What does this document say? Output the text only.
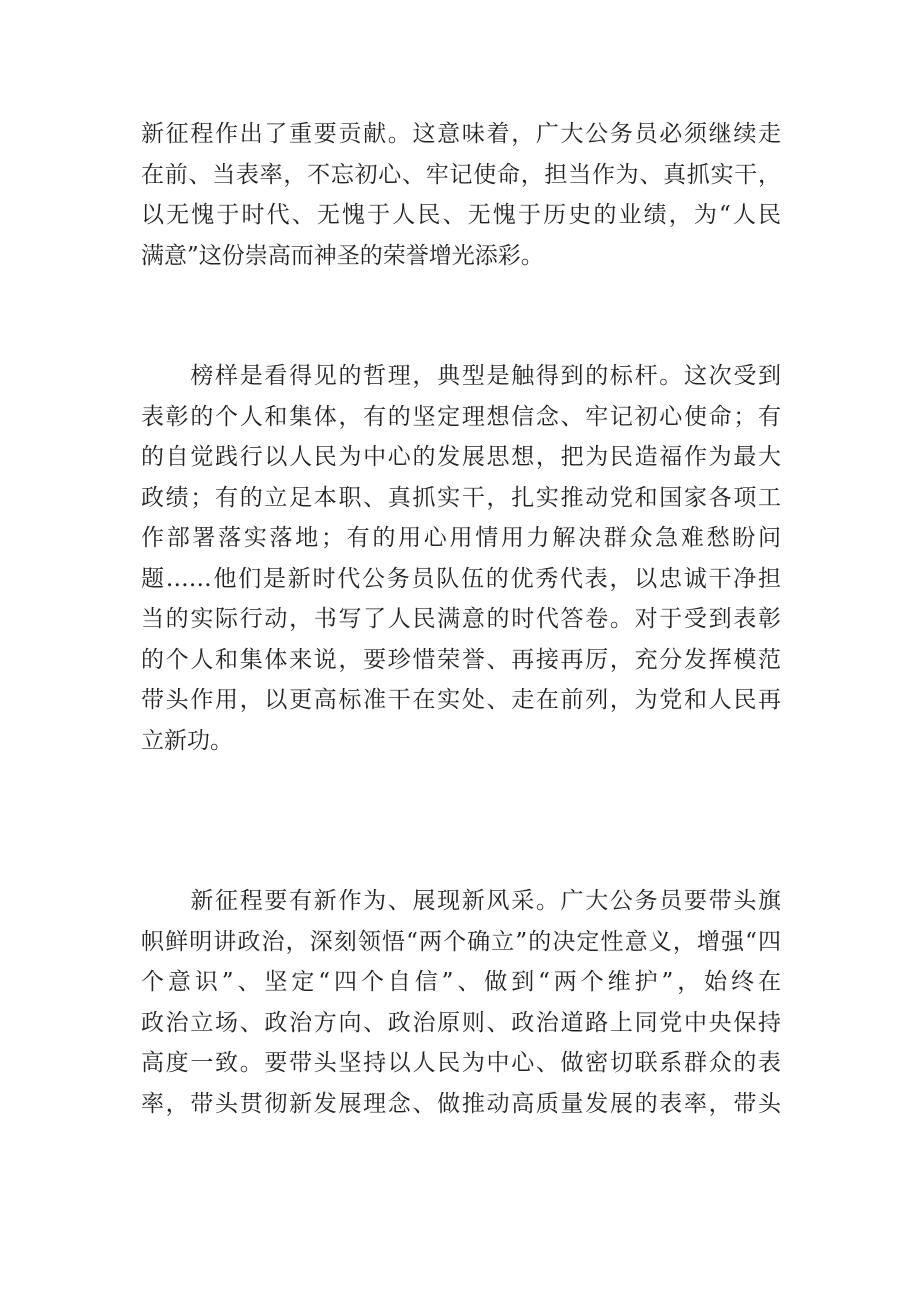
新征程作出了重要贡献。这意味着，广大公务员必须继续走
在前、当表率，不忘初心、牢记使命，担当作为、真抓实干，
以无愧于时代、无愧于人民、无愧于历史的业绩，为“人民
满意”这份崇高而神圣的荣誉增光添彩。
　　榜样是看得见的哲理，典型是触得到的标杆。这次受到
表彰的个人和集体，有的坚定理想信念、牢记初心使命；有
的自觉践行以人民为中心的发展思想，把为民造福作为最大
政绩；有的立足本职、真抓实干，扎实推动党和国家各项工
作部署落实落地；有的用心用情用力解决群众急难愁盼问
题……他们是新时代公务员队伍的优秀代表，以忠诚干净担
当的实际行动，书写了人民满意的时代答卷。对于受到表彰
的个人和集体来说，要珍惜荣誉、再接再厉，充分发挥模范
带头作用，以更高标准干在实处、走在前列，为党和人民再
立新功。
　　新征程要有新作为、展现新风采。广大公务员要带头旗
帜鲜明讲政治，深刻领悟“两个确立”的决定性意义，增强“四
个意识”、坚定“四个自信”、做到“两个维护”，始终在
政治立场、政治方向、政治原则、政治道路上同党中央保持
高度一致。要带头坚持以人民为中心、做密切联系群众的表
率，带头贯彻新发展理念、做推动高质量发展的表率，带头
